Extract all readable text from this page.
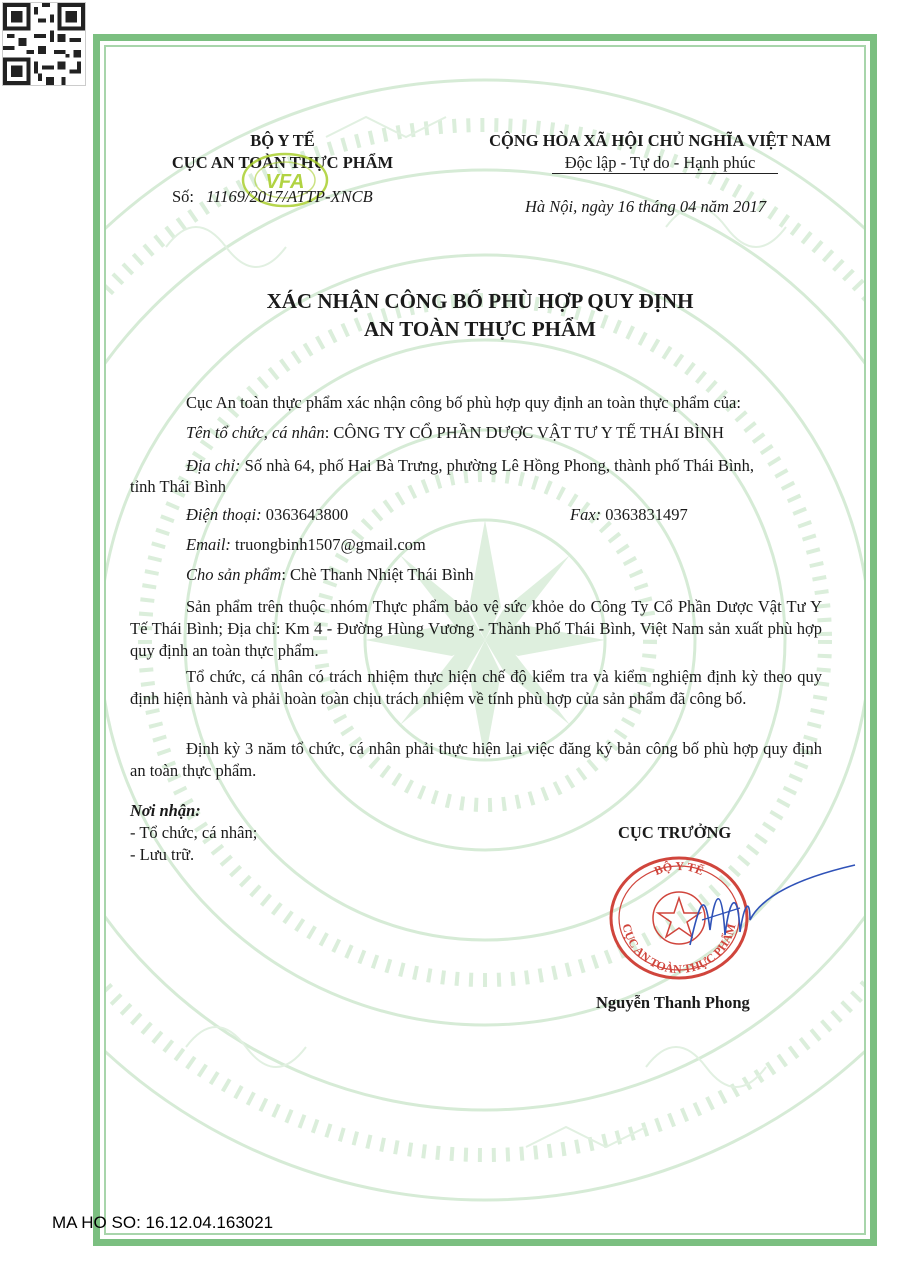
BỘ Y TẾ
CỤC AN TOÀN THỰC PHẨM
VFA
Số: 11169/2017/ATTP-XNCB
CỘNG HÒA XÃ HỘI CHỦ NGHĨA VIỆT NAM
Độc lập - Tự do - Hạnh phúc
Hà Nội, ngày 16 tháng 04 năm 2017
XÁC NHẬN CÔNG BỐ PHÙ HỢP QUY ĐỊNH
AN TOÀN THỰC PHẨM
Cục An toàn thực phẩm xác nhận công bố phù hợp quy định an toàn thực phẩm của:
Tên tổ chức, cá nhân: CÔNG TY CỔ PHẦN DƯỢC VẬT TƯ Y TẾ THÁI BÌNH
Địa chỉ: Số nhà 64, phố Hai Bà Trưng, phường Lê Hồng Phong, thành phố Thái Bình,
tỉnh Thái Bình
Điện thoại: 0363643800	Fax: 0363831497
Email: truongbinh1507@gmail.com
Cho sản phẩm: Chè Thanh Nhiệt Thái Bình
Sản phẩm trên thuộc nhóm Thực phẩm bảo vệ sức khỏe do Công Ty Cổ Phần Dược Vật Tư Y Tế Thái Bình; Địa chỉ: Km 4 - Đường Hùng Vương - Thành Phố Thái Bình, Việt Nam sản xuất phù hợp quy định an toàn thực phẩm.
Tổ chức, cá nhân có trách nhiệm thực hiện chế độ kiểm tra và kiểm nghiệm định kỳ theo quy định hiện hành và phải hoàn toàn chịu trách nhiệm về tính phù hợp của sản phẩm đã công bố.
Định kỳ 3 năm tổ chức, cá nhân phải thực hiện lại việc đăng ký bản công bố phù hợp quy định an toàn thực phẩm.
Nơi nhận:
- Tổ chức, cá nhân;
- Lưu trữ.
CỤC TRƯỞNG
BỘ Y TẾ
CỤC AN TOÀN THỰC PHẨM
Nguyễn Thanh Phong
MA HO SO: 16.12.04.163021
